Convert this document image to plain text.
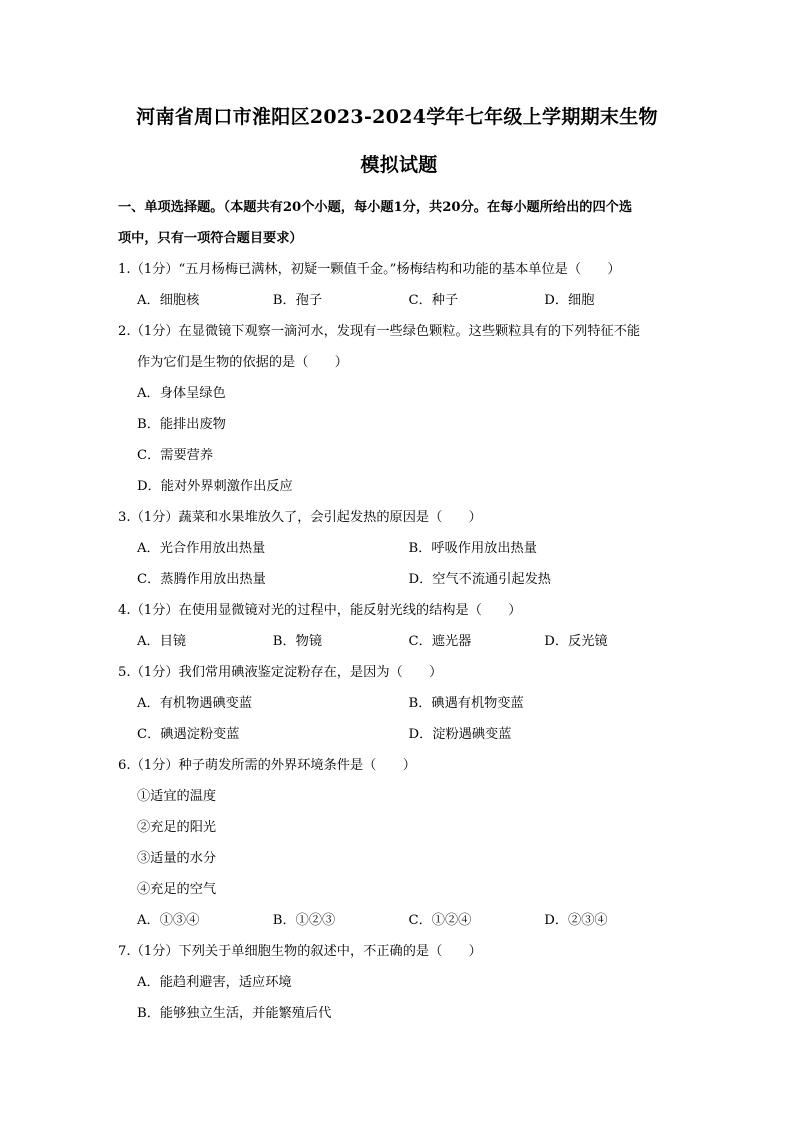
河南省周口市淮阳区2023-2024学年七年级上学期期末生物
模拟试题
一、单项选择题。（本题共有20个小题，每小题1分，共20分。在每小题所给出的四个选
项中，只有一项符合题目要求）
1.（1分）“五月杨梅已满林，初疑一颗值千金。”杨梅结构和功能的基本单位是（　　）
A．细胞核	B．孢子	C．种子	D．细胞
2.（1分）在显微镜下观察一滴河水，发现有一些绿色颗粒。这些颗粒具有的下列特征不能
作为它们是生物的依据的是（　　）
A．身体呈绿色
B．能排出废物
C．需要营养
D．能对外界刺激作出反应
3.（1分）蔬菜和水果堆放久了，会引起发热的原因是（　　）
A．光合作用放出热量	B．呼吸作用放出热量
C．蒸腾作用放出热量	D．空气不流通引起发热
4.（1分）在使用显微镜对光的过程中，能反射光线的结构是（　　）
A．目镜	B．物镜	C．遮光器	D．反光镜
5.（1分）我们常用碘液鉴定淀粉存在，是因为（　　）
A．有机物遇碘变蓝	B．碘遇有机物变蓝
C．碘遇淀粉变蓝	D．淀粉遇碘变蓝
6.（1分）种子萌发所需的外界环境条件是（　　）
①适宜的温度
②充足的阳光
③适量的水分
④充足的空气
A．①③④	B．①②③	C．①②④	D．②③④
7.（1分）下列关于单细胞生物的叙述中，不正确的是（　　）
A．能趋利避害，适应环境
B．能够独立生活，并能繁殖后代
